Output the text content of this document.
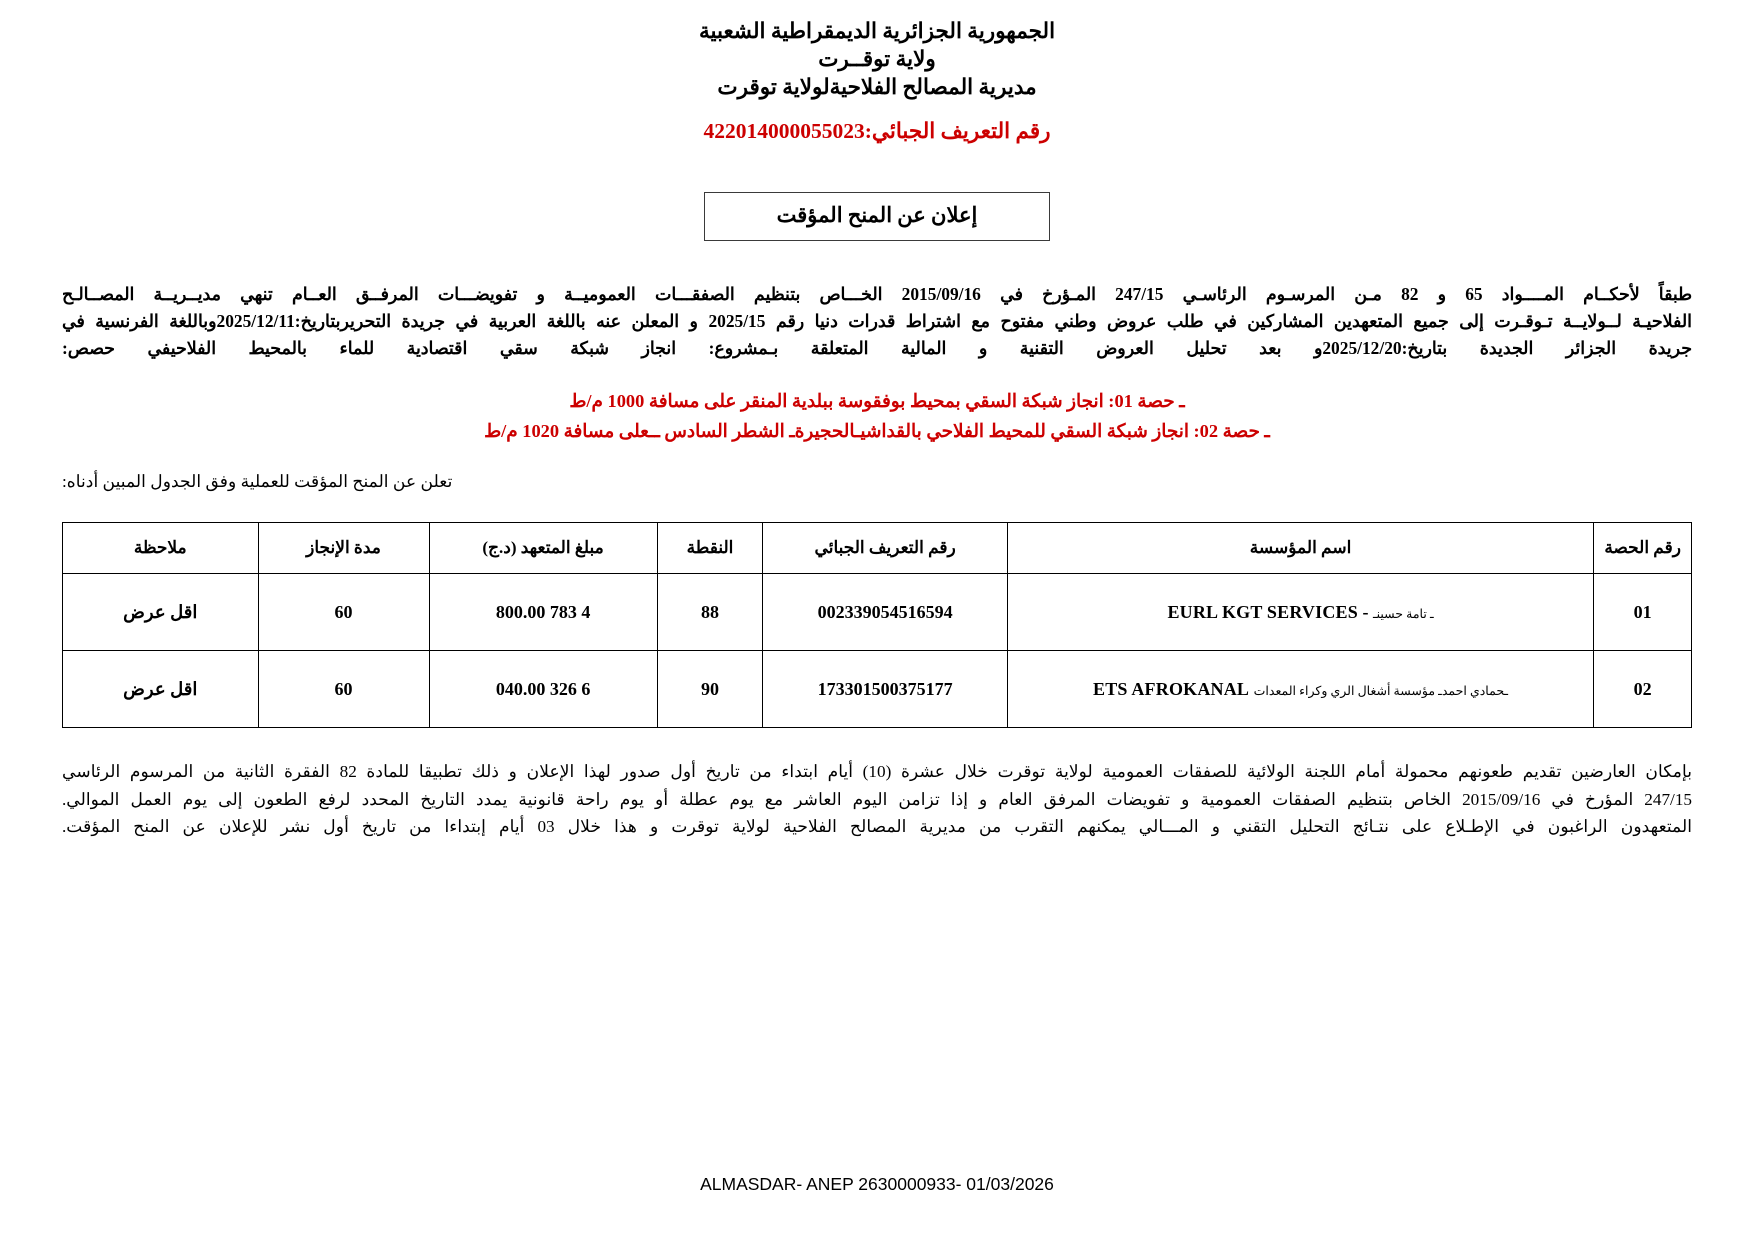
الجمهورية الجزائرية الديمقراطية الشعبية
ولاية توقــرت
مديرية المصالح الفلاحيةلولاية توقرت
رقم التعريف الجبائي:422014000055023
إعلان عن المنح المؤقت
طبقاً لأحكــام المــــواد 65 و 82 مـن المرسـوم الرئاسـي 247/15 المـؤرخ في 2015/09/16 الخـــاص بتنظيم الصفقـــات العموميــة و تفويضـــات المرفــق العــام تنهي مديــريــة المصــالـح
الفلاحيـة لــولايــة تـوقـرت إلى جميع المتعهدين المشاركين في طلب عروض وطني مفتوح مع اشتراط قدرات دنيا رقم 2025/15 و المعلن عنه باللغة العربية في جريدة التحريربتاريخ:2025/12/11وباللغة الفرنسية في
جريدة الجزائر الجديدة بتاريخ:2025/12/20و بعد تحليل العروض التقنية و المالية المتعلقة بـمشروع: انجاز شبكة سقي اقتصادية للماء بالمحيط الفلاحيفي حصص:
ـ حصة 01: انجاز شبكة السقي بمحيط بوفقوسة ببلدية المنقر على مسافة 1000 م/ط
ـ حصة 02: انجاز شبكة السقي للمحيط الفلاحي بالقداشيـالحجيرةـ الشطر السادس ــعلى مسافة 1020 م/ط
تعلن عن المنح المؤقت للعملية وفق الجدول المبين أدناه:
رقم الحصة	اسم المؤسسة	رقم التعريف الجبائي	النقطة	مبلغ المتعهد (د.ج)	مدة الإنجاز	ملاحظة
01	ـ تامة حسينـ - EURL KGT SERVICES	002339054516594	88	4 783 800.00	60	اقل عرض
02	ـحمادي احمدـ مؤسسة أشغال الري وكراء المعدات ETS AFROKANAL	173301500375177	90	6 326 040.00	60	اقل عرض
بإمكان العارضين تقديم طعونهم محمولة أمام اللجنة الولائية للصفقات العمومية لولاية توقرت خلال عشرة (10) أيام ابتداء من تاريخ أول صدور لهذا الإعلان و ذلك تطبيقا للمادة 82 الفقرة الثانية من المرسوم الرئاسي
247/15 المؤرخ في 2015/09/16 الخاص بتنظيم الصفقات العمومية و تفويضات المرفق العام و إذا تزامن اليوم العاشر مع يوم عطلة أو يوم راحة قانونية يمدد التاريخ المحدد لرفع الطعون إلى يوم العمل الموالي.
المتعهدون الراغبون في الإطـلاع على نتـائج التحليل التقني و المـــالي يمكنهم التقرب من مديرية المصالح الفلاحية لولاية توقرت و هذا خلال 03 أيام إبتداءا من تاريخ أول نشر للإعلان عن المنح المؤقت.
ALMASDAR- ANEP 2630000933- 01/03/2026
